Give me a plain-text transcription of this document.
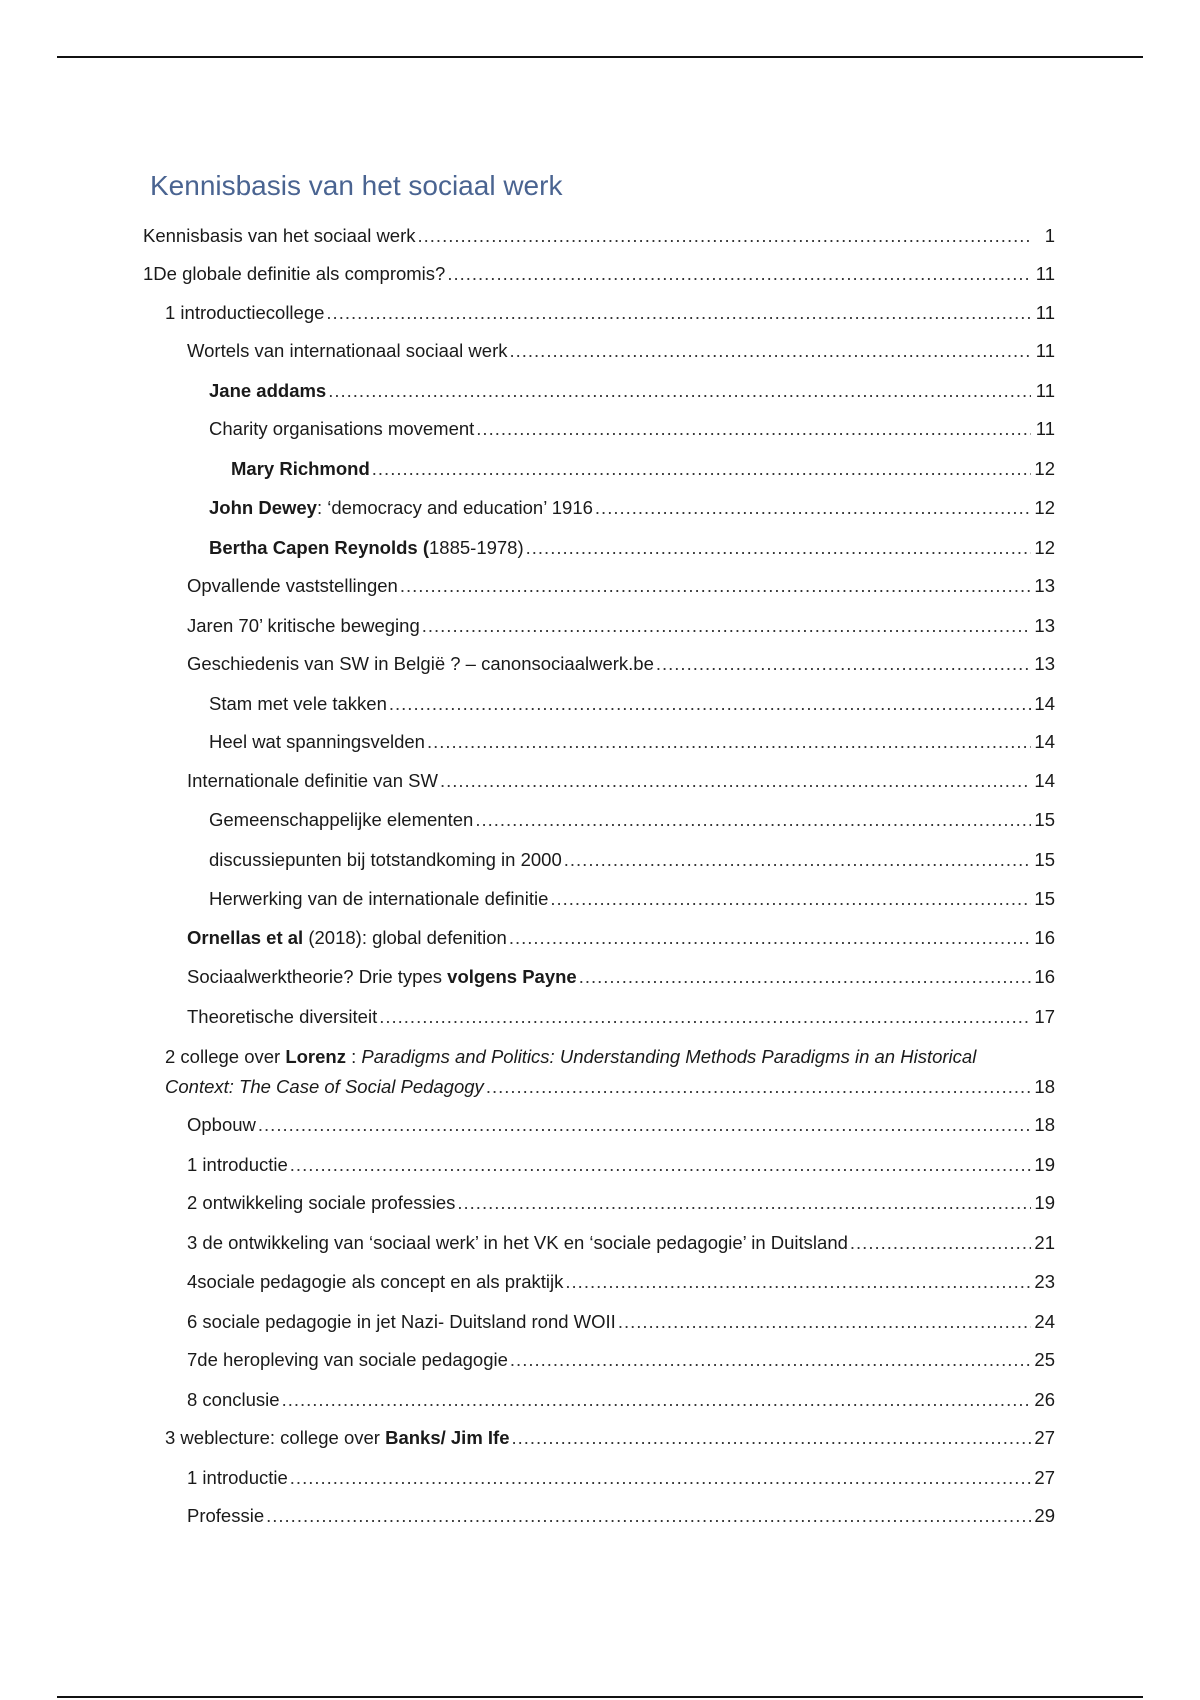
Kennisbasis van het sociaal werk
Kennisbasis van het sociaal werk .....	1
1De globale definitie als compromis? .....	11
1 introductiecollege .....	11
Wortels van internationaal sociaal werk .....	11
Jane addams .....	11
Charity organisations movement .....	11
Mary Richmond .....	12
John Dewey: ‘democracy and education’ 1916 .....	12
Bertha Capen Reynolds (1885-1978) .....	12
Opvallende vaststellingen .....	13
Jaren 70’ kritische beweging .....	13
Geschiedenis van SW in België ? – canonsociaalwerk.be .....	13
Stam met vele takken .....	14
Heel wat spanningsvelden .....	14
Internationale definitie van SW .....	14
Gemeenschappelijke elementen .....	15
discussiepunten bij totstandkoming in 2000 .....	15
Herwerking van de internationale definitie .....	15
Ornellas et al (2018): global defenition .....	16
Sociaalwerktheorie? Drie types volgens Payne .....	16
Theoretische diversiteit .....	17
2 college over Lorenz : Paradigms and Politics: Understanding Methods Paradigms in an Historical
Context: The Case of Social Pedagogy .....	18
Opbouw .....	18
1 introductie .....	19
2 ontwikkeling sociale professies .....	19
3 de ontwikkeling van ‘sociaal werk’ in het VK en ‘sociale pedagogie’ in Duitsland .....	21
4sociale pedagogie als concept en als praktijk .....	23
6 sociale pedagogie in jet Nazi- Duitsland rond WOII .....	24
7de heropleving van sociale pedagogie .....	25
8 conclusie .....	26
3 weblecture: college over Banks/ Jim Ife .....	27
1 introductie .....	27
Professie .....	29
